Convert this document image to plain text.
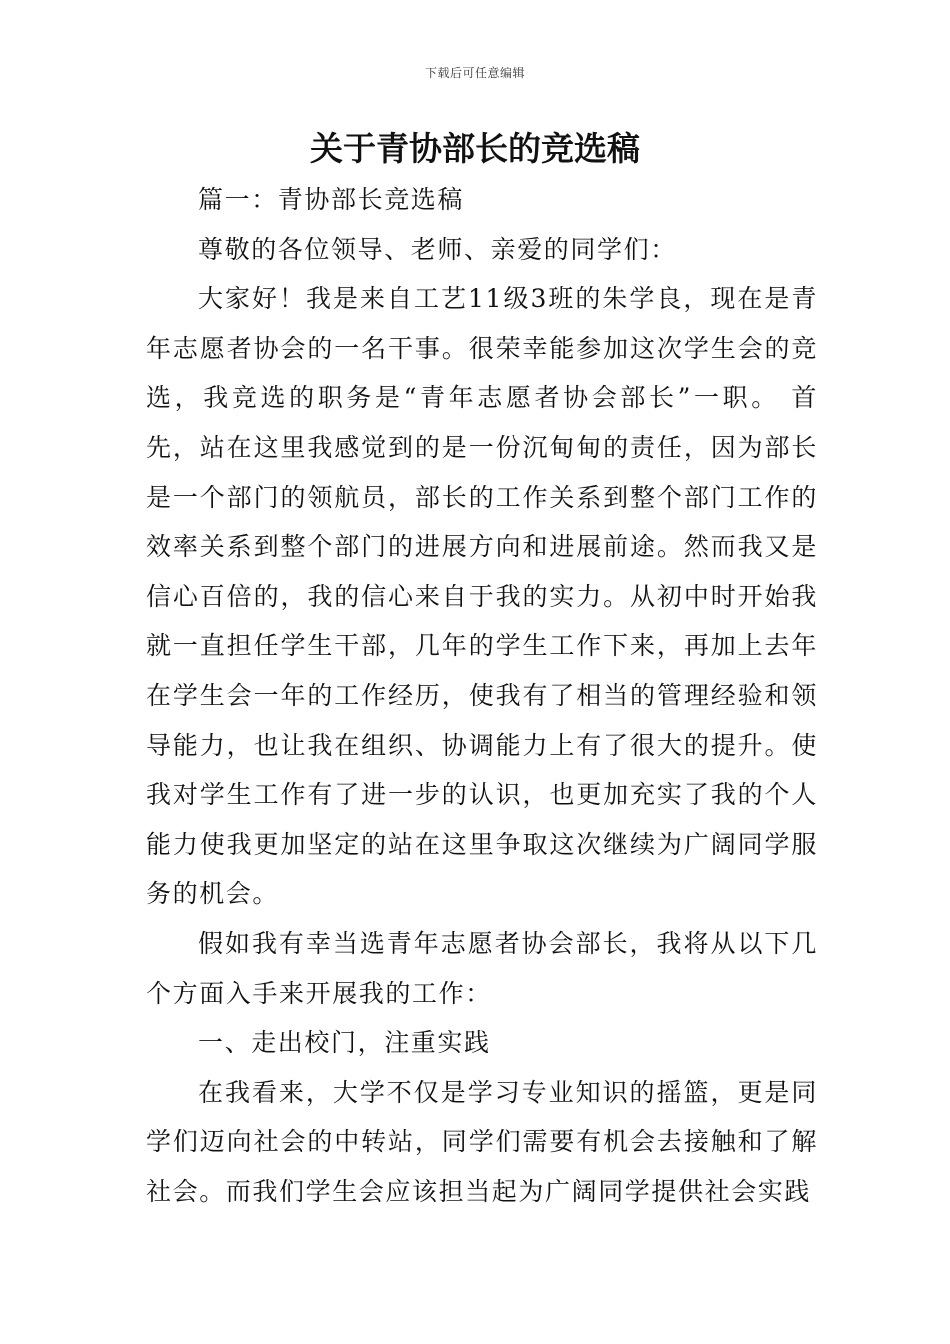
下载后可任意编辑
关于青协部长的竞选稿

篇一：青协部长竞选稿

尊敬的各位领导、老师、亲爱的同学们：

大家好！我是来自工艺11级3班的朱学良，现在是青年志愿者协会的一名干事。很荣幸能参加这次学生会的竞选，我竞选的职务是“青年志愿者协会部长”一职。 首先，站在这里我感觉到的是一份沉甸甸的责任，因为部长是一个部门的领航员，部长的工作关系到整个部门工作的效率关系到整个部门的进展方向和进展前途。然而我又是信心百倍的，我的信心来自于我的实力。从初中时开始我就一直担任学生干部，几年的学生工作下来，再加上去年在学生会一年的工作经历，使我有了相当的管理经验和领导能力，也让我在组织、协调能力上有了很大的提升。使我对学生工作有了进一步的认识，也更加充实了我的个人能力使我更加坚定的站在这里争取这次继续为广阔同学服务的机会。

假如我有幸当选青年志愿者协会部长，我将从以下几个方面入手来开展我的工作：

一、走出校门，注重实践

在我看来，大学不仅是学习专业知识的摇篮，更是同学们迈向社会的中转站，同学们需要有机会去接触和了解社会。而我们学生会应该担当起为广阔同学提供社会实践
